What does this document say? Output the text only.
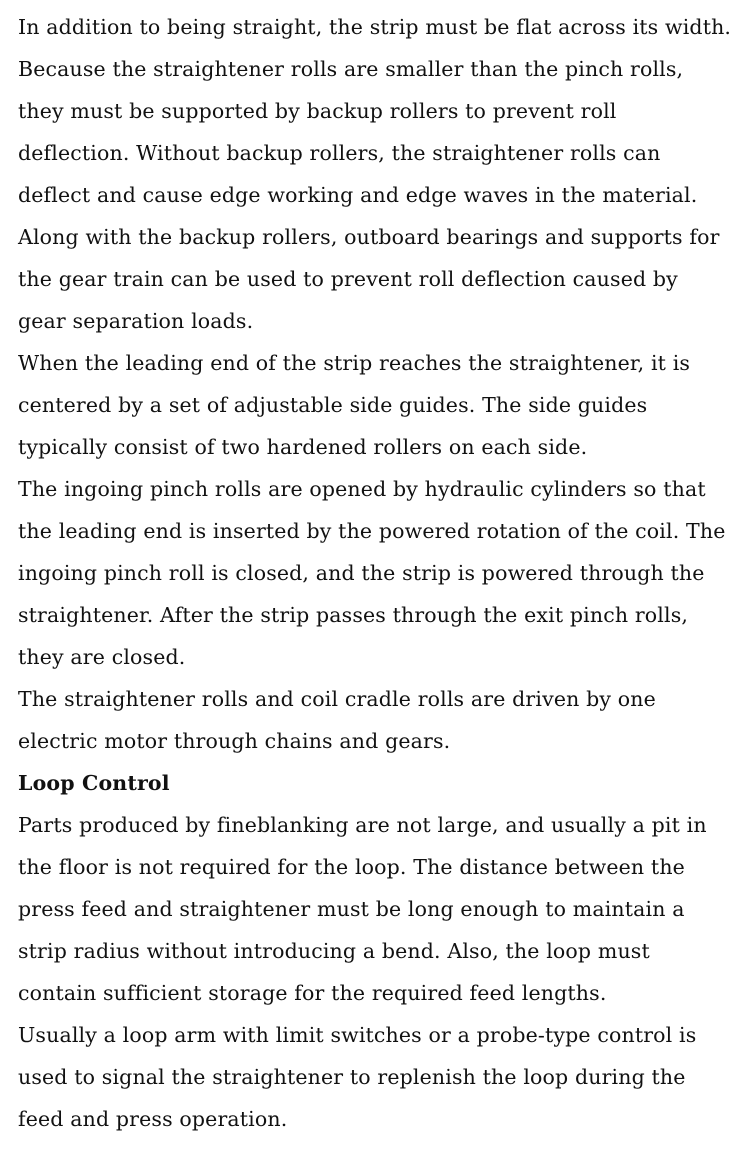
In addition to being straight, the strip must be flat across its width. Because the straightener rolls are smaller than the pinch rolls, they must be supported by backup rollers to prevent roll deflection. Without backup rollers, the straightener rolls can deflect and cause edge working and edge waves in the material. Along with the backup rollers, outboard bearings and supports for the gear train can be used to prevent roll deflection caused by gear separation loads.

When the leading end of the strip reaches the straightener, it is centered by a set of adjustable side guides. The side guides typically consist of two hardened rollers on each side.

The ingoing pinch rolls are opened by hydraulic cylinders so that the leading end is inserted by the powered rotation of the coil. The ingoing pinch roll is closed, and the strip is powered through the straightener. After the strip passes through the exit pinch rolls, they are closed.

The straightener rolls and coil cradle rolls are driven by one electric motor through chains and gears.

Loop Control

Parts produced by fineblanking are not large, and usually a pit in the floor is not required for the loop. The distance between the press feed and straightener must be long enough to maintain a strip radius without introducing a bend. Also, the loop must contain sufficient storage for the required feed lengths.

Usually a loop arm with limit switches or a probe-type control is used to signal the straightener to replenish the loop during the feed and press operation.
